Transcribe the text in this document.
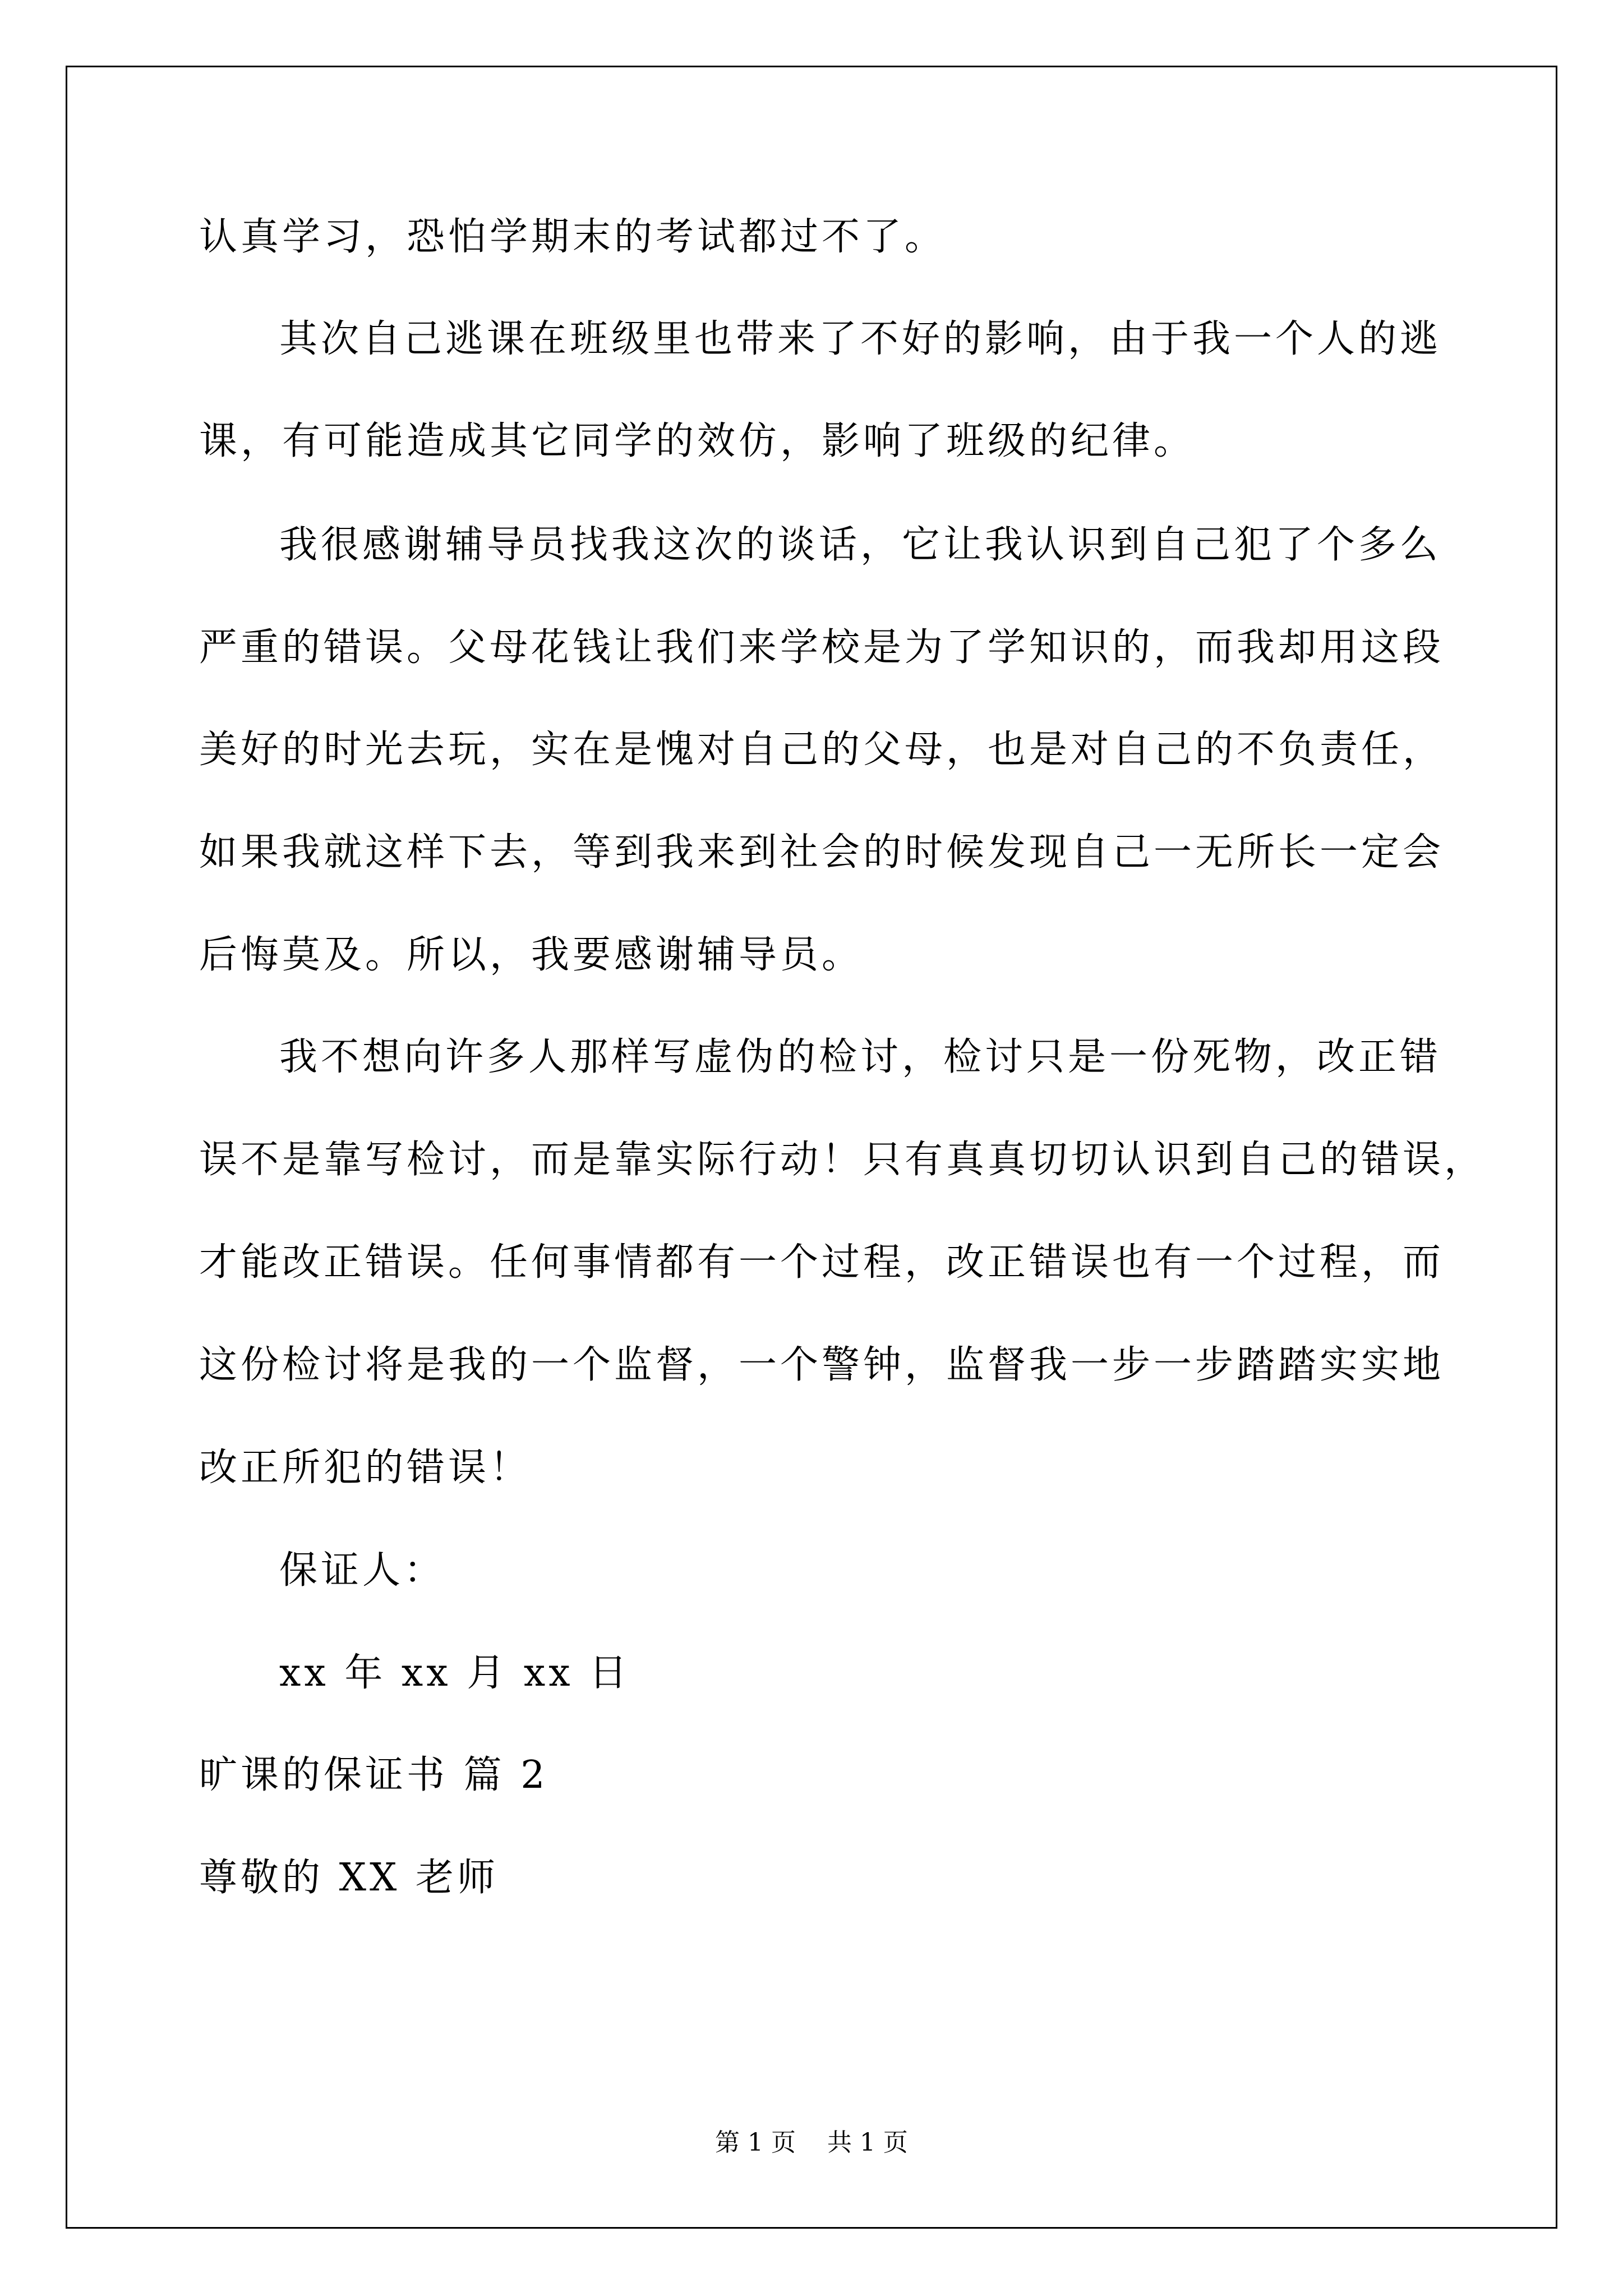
认真学习，恐怕学期末的考试都过不了。
其次自己逃课在班级里也带来了不好的影响，由于我一个人的逃
课，有可能造成其它同学的效仿，影响了班级的纪律。
我很感谢辅导员找我这次的谈话，它让我认识到自己犯了个多么
严重的错误。父母花钱让我们来学校是为了学知识的，而我却用这段
美好的时光去玩，实在是愧对自己的父母，也是对自己的不负责任，
如果我就这样下去，等到我来到社会的时候发现自己一无所长一定会
后悔莫及。所以，我要感谢辅导员。
我不想向许多人那样写虚伪的检讨，检讨只是一份死物，改正错
误不是靠写检讨，而是靠实际行动！只有真真切切认识到自己的错误，
才能改正错误。任何事情都有一个过程，改正错误也有一个过程，而
这份检讨将是我的一个监督，一个警钟，监督我一步一步踏踏实实地
改正所犯的错误！
保证人：
xx 年 xx 月 xx 日
旷课的保证书 篇 2
尊敬的 XX 老师
第 1 页    共 1 页
